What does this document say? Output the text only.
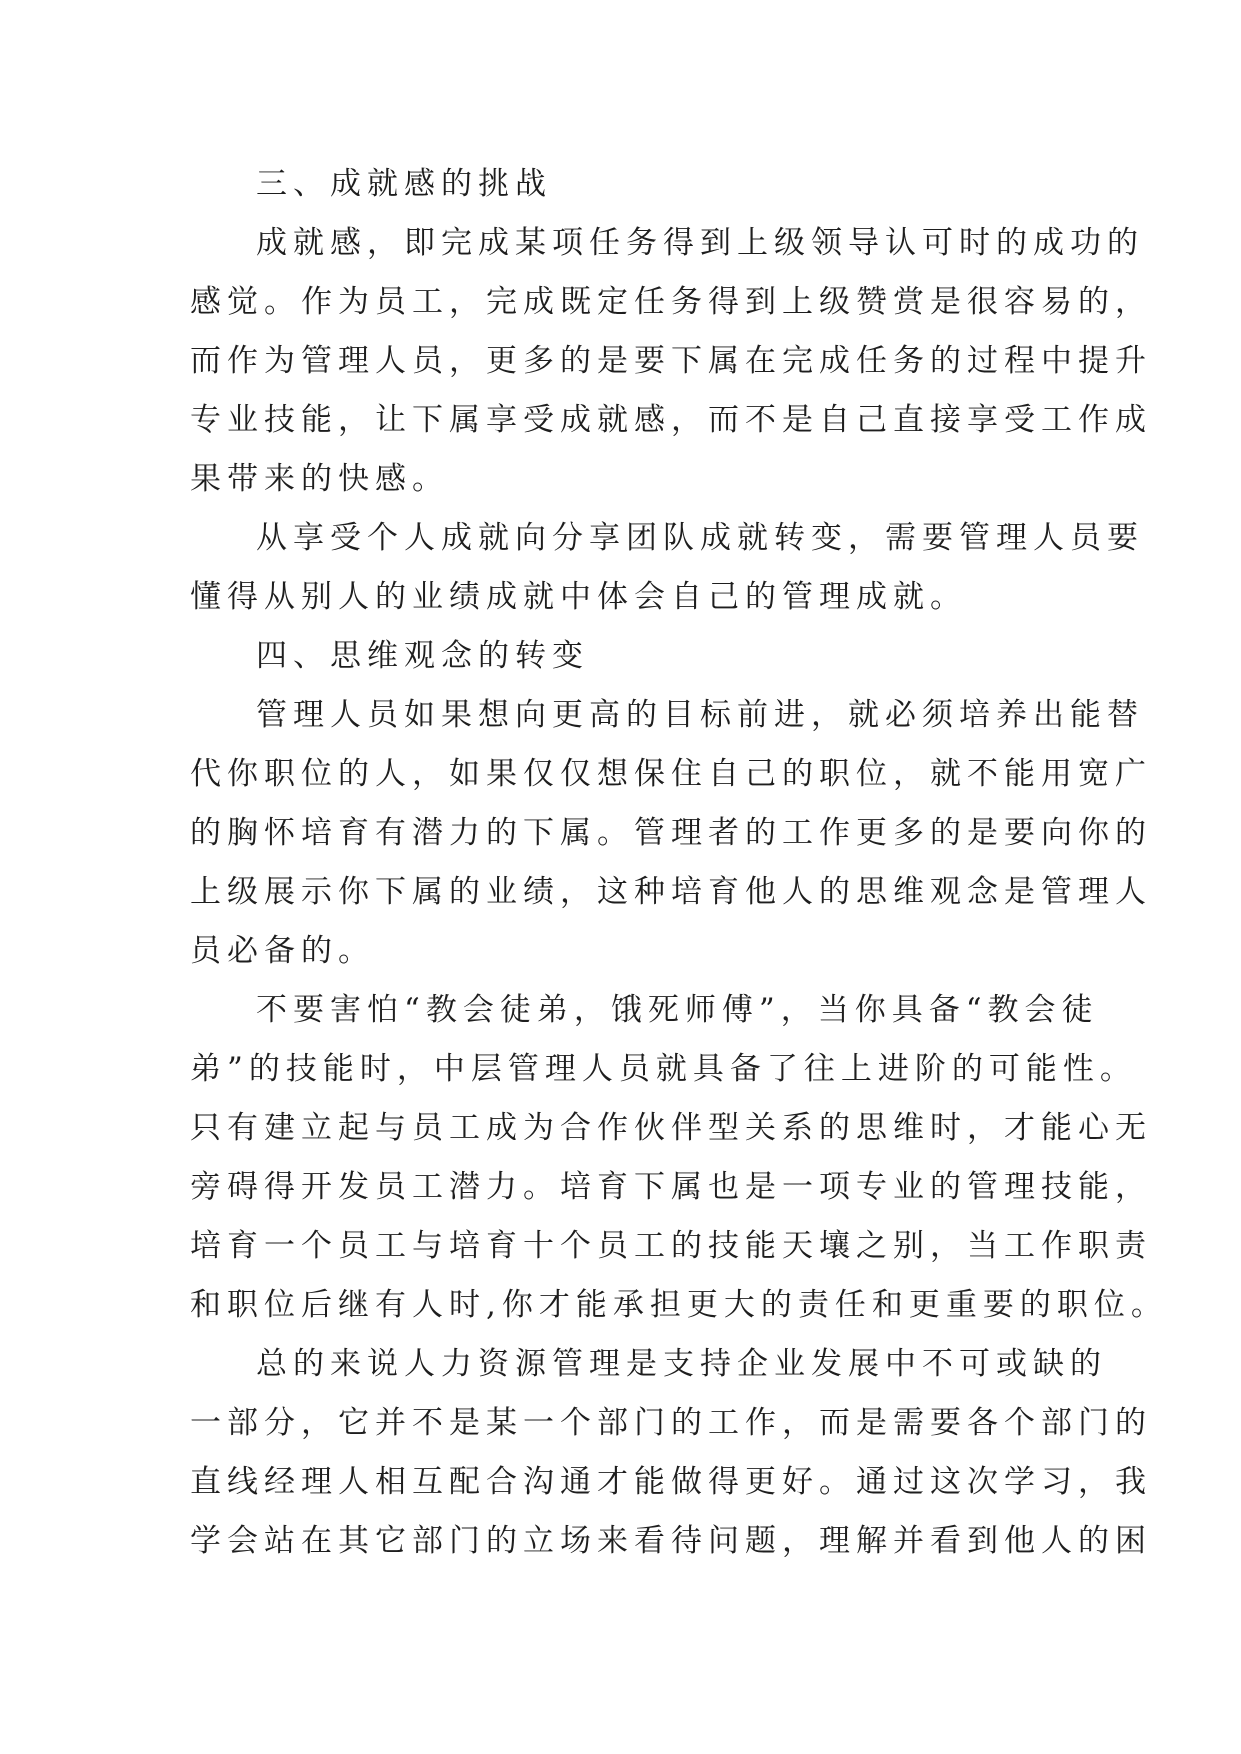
三、成就感的挑战
成就感，即完成某项任务得到上级领导认可时的成功的
感觉。作为员工，完成既定任务得到上级赞赏是很容易的，
而作为管理人员，更多的是要下属在完成任务的过程中提升
专业技能，让下属享受成就感，而不是自己直接享受工作成
果带来的快感。
从享受个人成就向分享团队成就转变，需要管理人员要
懂得从别人的业绩成就中体会自己的管理成就。
四、思维观念的转变
管理人员如果想向更高的目标前进，就必须培养出能替
代你职位的人，如果仅仅想保住自己的职位，就不能用宽广
的胸怀培育有潜力的下属。管理者的工作更多的是要向你的
上级展示你下属的业绩，这种培育他人的思维观念是管理人
员必备的。
不要害怕“教会徒弟，饿死师傅”，当你具备“教会徒
弟”的技能时，中层管理人员就具备了往上进阶的可能性。
只有建立起与员工成为合作伙伴型关系的思维时，才能心无
旁碍得开发员工潜力。培育下属也是一项专业的管理技能，
培育一个员工与培育十个员工的技能天壤之别，当工作职责
和职位后继有人时,你才能承担更大的责任和更重要的职位。
总的来说人力资源管理是支持企业发展中不可或缺的
一部分，它并不是某一个部门的工作，而是需要各个部门的
直线经理人相互配合沟通才能做得更好。通过这次学习，我
学会站在其它部门的立场来看待问题，理解并看到他人的困
